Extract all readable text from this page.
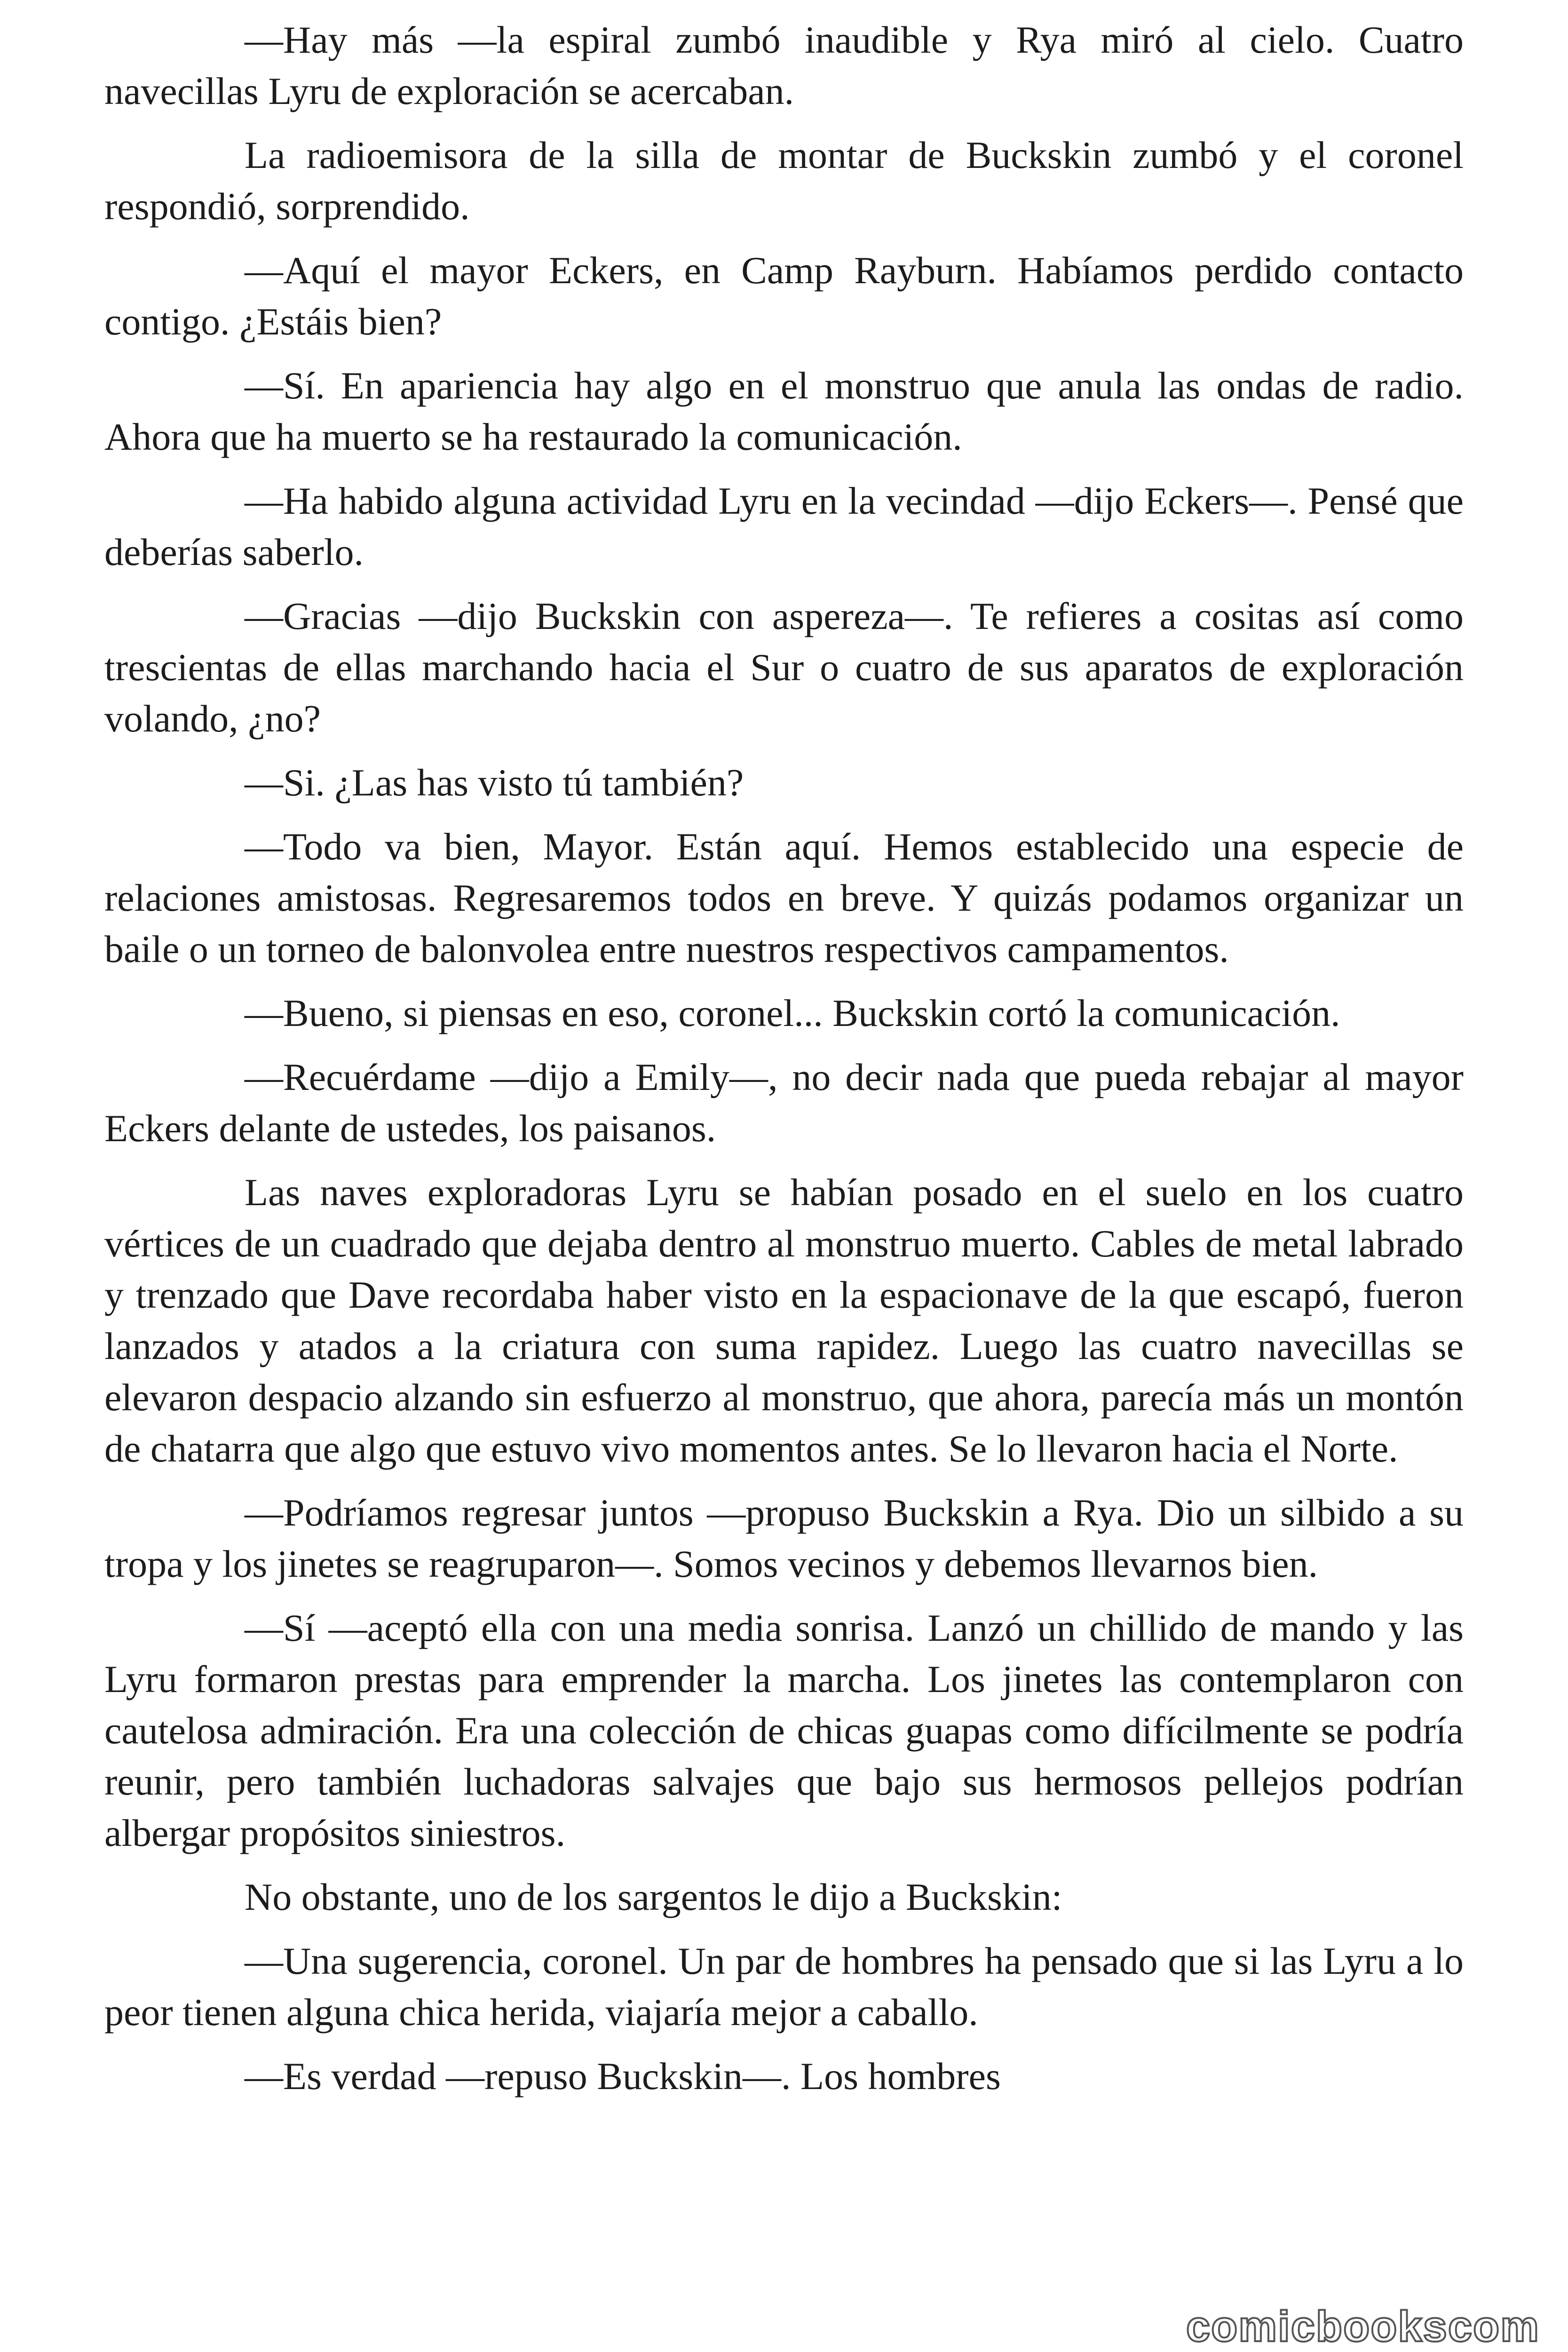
—Hay más —la espiral zumbó inaudible y Rya miró al cielo. Cuatro navecillas Lyru de exploración se acercaban.

La radioemisora de la silla de montar de Buckskin zumbó y el coronel respondió, sorprendido.

—Aquí el mayor Eckers, en Camp Rayburn. Habíamos perdido contacto contigo. ¿Estáis bien?

—Sí. En apariencia hay algo en el monstruo que anula las ondas de radio. Ahora que ha muerto se ha restaurado la comunicación.

—Ha habido alguna actividad Lyru en la vecindad —dijo Eckers—. Pensé que deberías saberlo.

—Gracias —dijo Buckskin con aspereza—. Te refieres a cositas así como trescientas de ellas marchando hacia el Sur o cuatro de sus aparatos de exploración volando, ¿no?

—Si. ¿Las has visto tú también?

—Todo va bien, Mayor. Están aquí. Hemos establecido una especie de relaciones amistosas. Regresaremos todos en breve. Y quizás podamos organizar un baile o un torneo de balonvolea entre nuestros respectivos campamentos.

—Bueno, si piensas en eso, coronel... Buckskin cortó la comunicación.

—Recuérdame —dijo a Emily—, no decir nada que pueda rebajar al mayor Eckers delante de ustedes, los paisanos.

Las naves exploradoras Lyru se habían posado en el suelo en los cuatro vértices de un cuadrado que dejaba dentro al monstruo muerto. Cables de metal labrado y trenzado que Dave recordaba haber visto en la espacionave de la que escapó, fueron lanzados y atados a la criatura con suma rapidez. Luego las cuatro navecillas se elevaron despacio alzando sin esfuerzo al monstruo, que ahora, parecía más un montón de chatarra que algo que estuvo vivo momentos antes. Se lo llevaron hacia el Norte.

—Podríamos regresar juntos —propuso Buckskin a Rya. Dio un silbido a su tropa y los jinetes se reagruparon—. Somos vecinos y debemos llevarnos bien.

—Sí —aceptó ella con una media sonrisa. Lanzó un chillido de mando y las Lyru formaron prestas para emprender la marcha. Los jinetes las contemplaron con cautelosa admiración. Era una colección de chicas guapas como difícilmente se podría reunir, pero también luchadoras salvajes que bajo sus hermosos pellejos podrían albergar propósitos siniestros.

No obstante, uno de los sargentos le dijo a Buckskin:

—Una sugerencia, coronel. Un par de hombres ha pensado que si las Lyru a lo peor tienen alguna chica herida, viajaría mejor a caballo.

—Es verdad —repuso Buckskin—. Los hombres

comicbookscom
